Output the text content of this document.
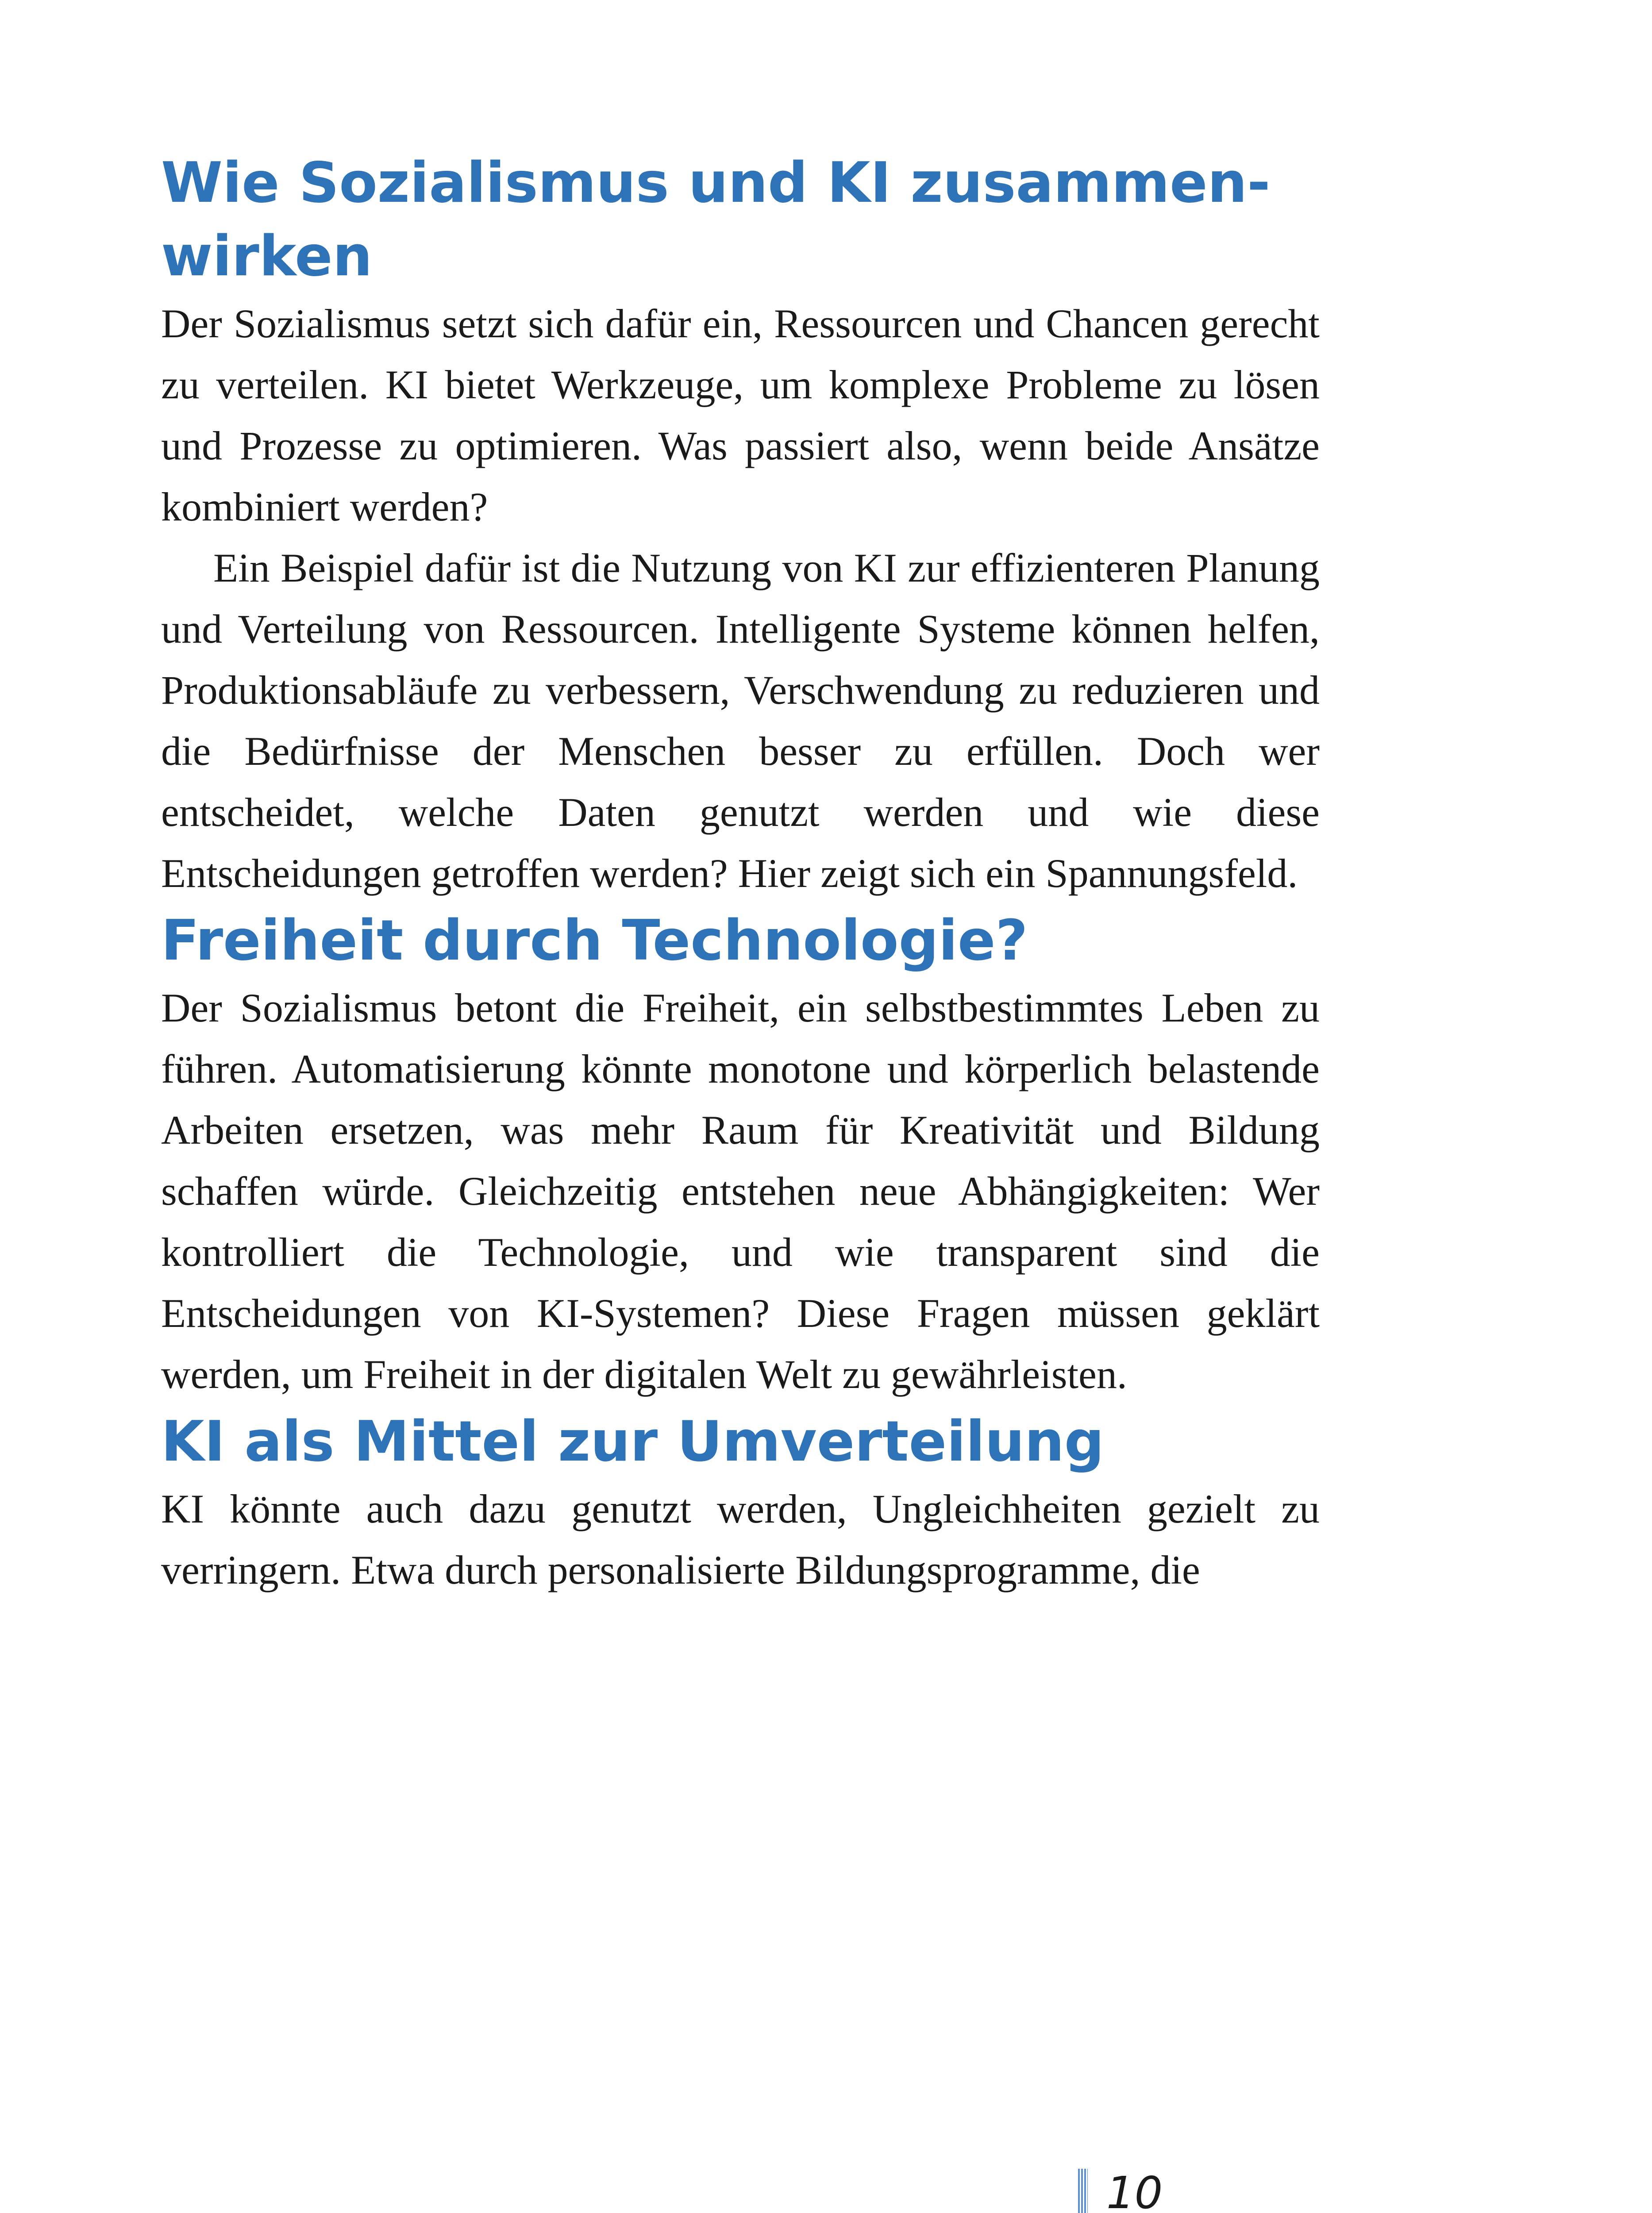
Wie Sozialismus und KI zusammen-wirken

Der Sozialismus setzt sich dafür ein, Ressourcen und Chancen gerecht zu verteilen. KI bietet Werkzeuge, um komplexe Probleme zu lösen und Prozesse zu optimieren. Was passiert also, wenn beide Ansätze kombiniert werden?

Ein Beispiel dafür ist die Nutzung von KI zur effizienteren Planung und Verteilung von Ressourcen. Intelligente Systeme können helfen, Produktionsabläufe zu verbessern, Verschwendung zu reduzieren und die Bedürfnisse der Menschen besser zu erfüllen. Doch wer entscheidet, welche Daten genutzt werden und wie diese Entscheidungen getroffen werden? Hier zeigt sich ein Spannungsfeld.

Freiheit durch Technologie?

Der Sozialismus betont die Freiheit, ein selbstbestimmtes Leben zu führen. Automatisierung könnte monotone und körperlich belastende Arbeiten ersetzen, was mehr Raum für Kreativität und Bildung schaffen würde. Gleichzeitig entstehen neue Abhängigkeiten: Wer kontrolliert die Technologie, und wie transparent sind die Entscheidungen von KI-Systemen? Diese Fragen müssen geklärt werden, um Freiheit in der digitalen Welt zu gewährleisten.

KI als Mittel zur Umverteilung

KI könnte auch dazu genutzt werden, Ungleichheiten gezielt zu verringern. Etwa durch personalisierte Bildungsprogramme, die

10
